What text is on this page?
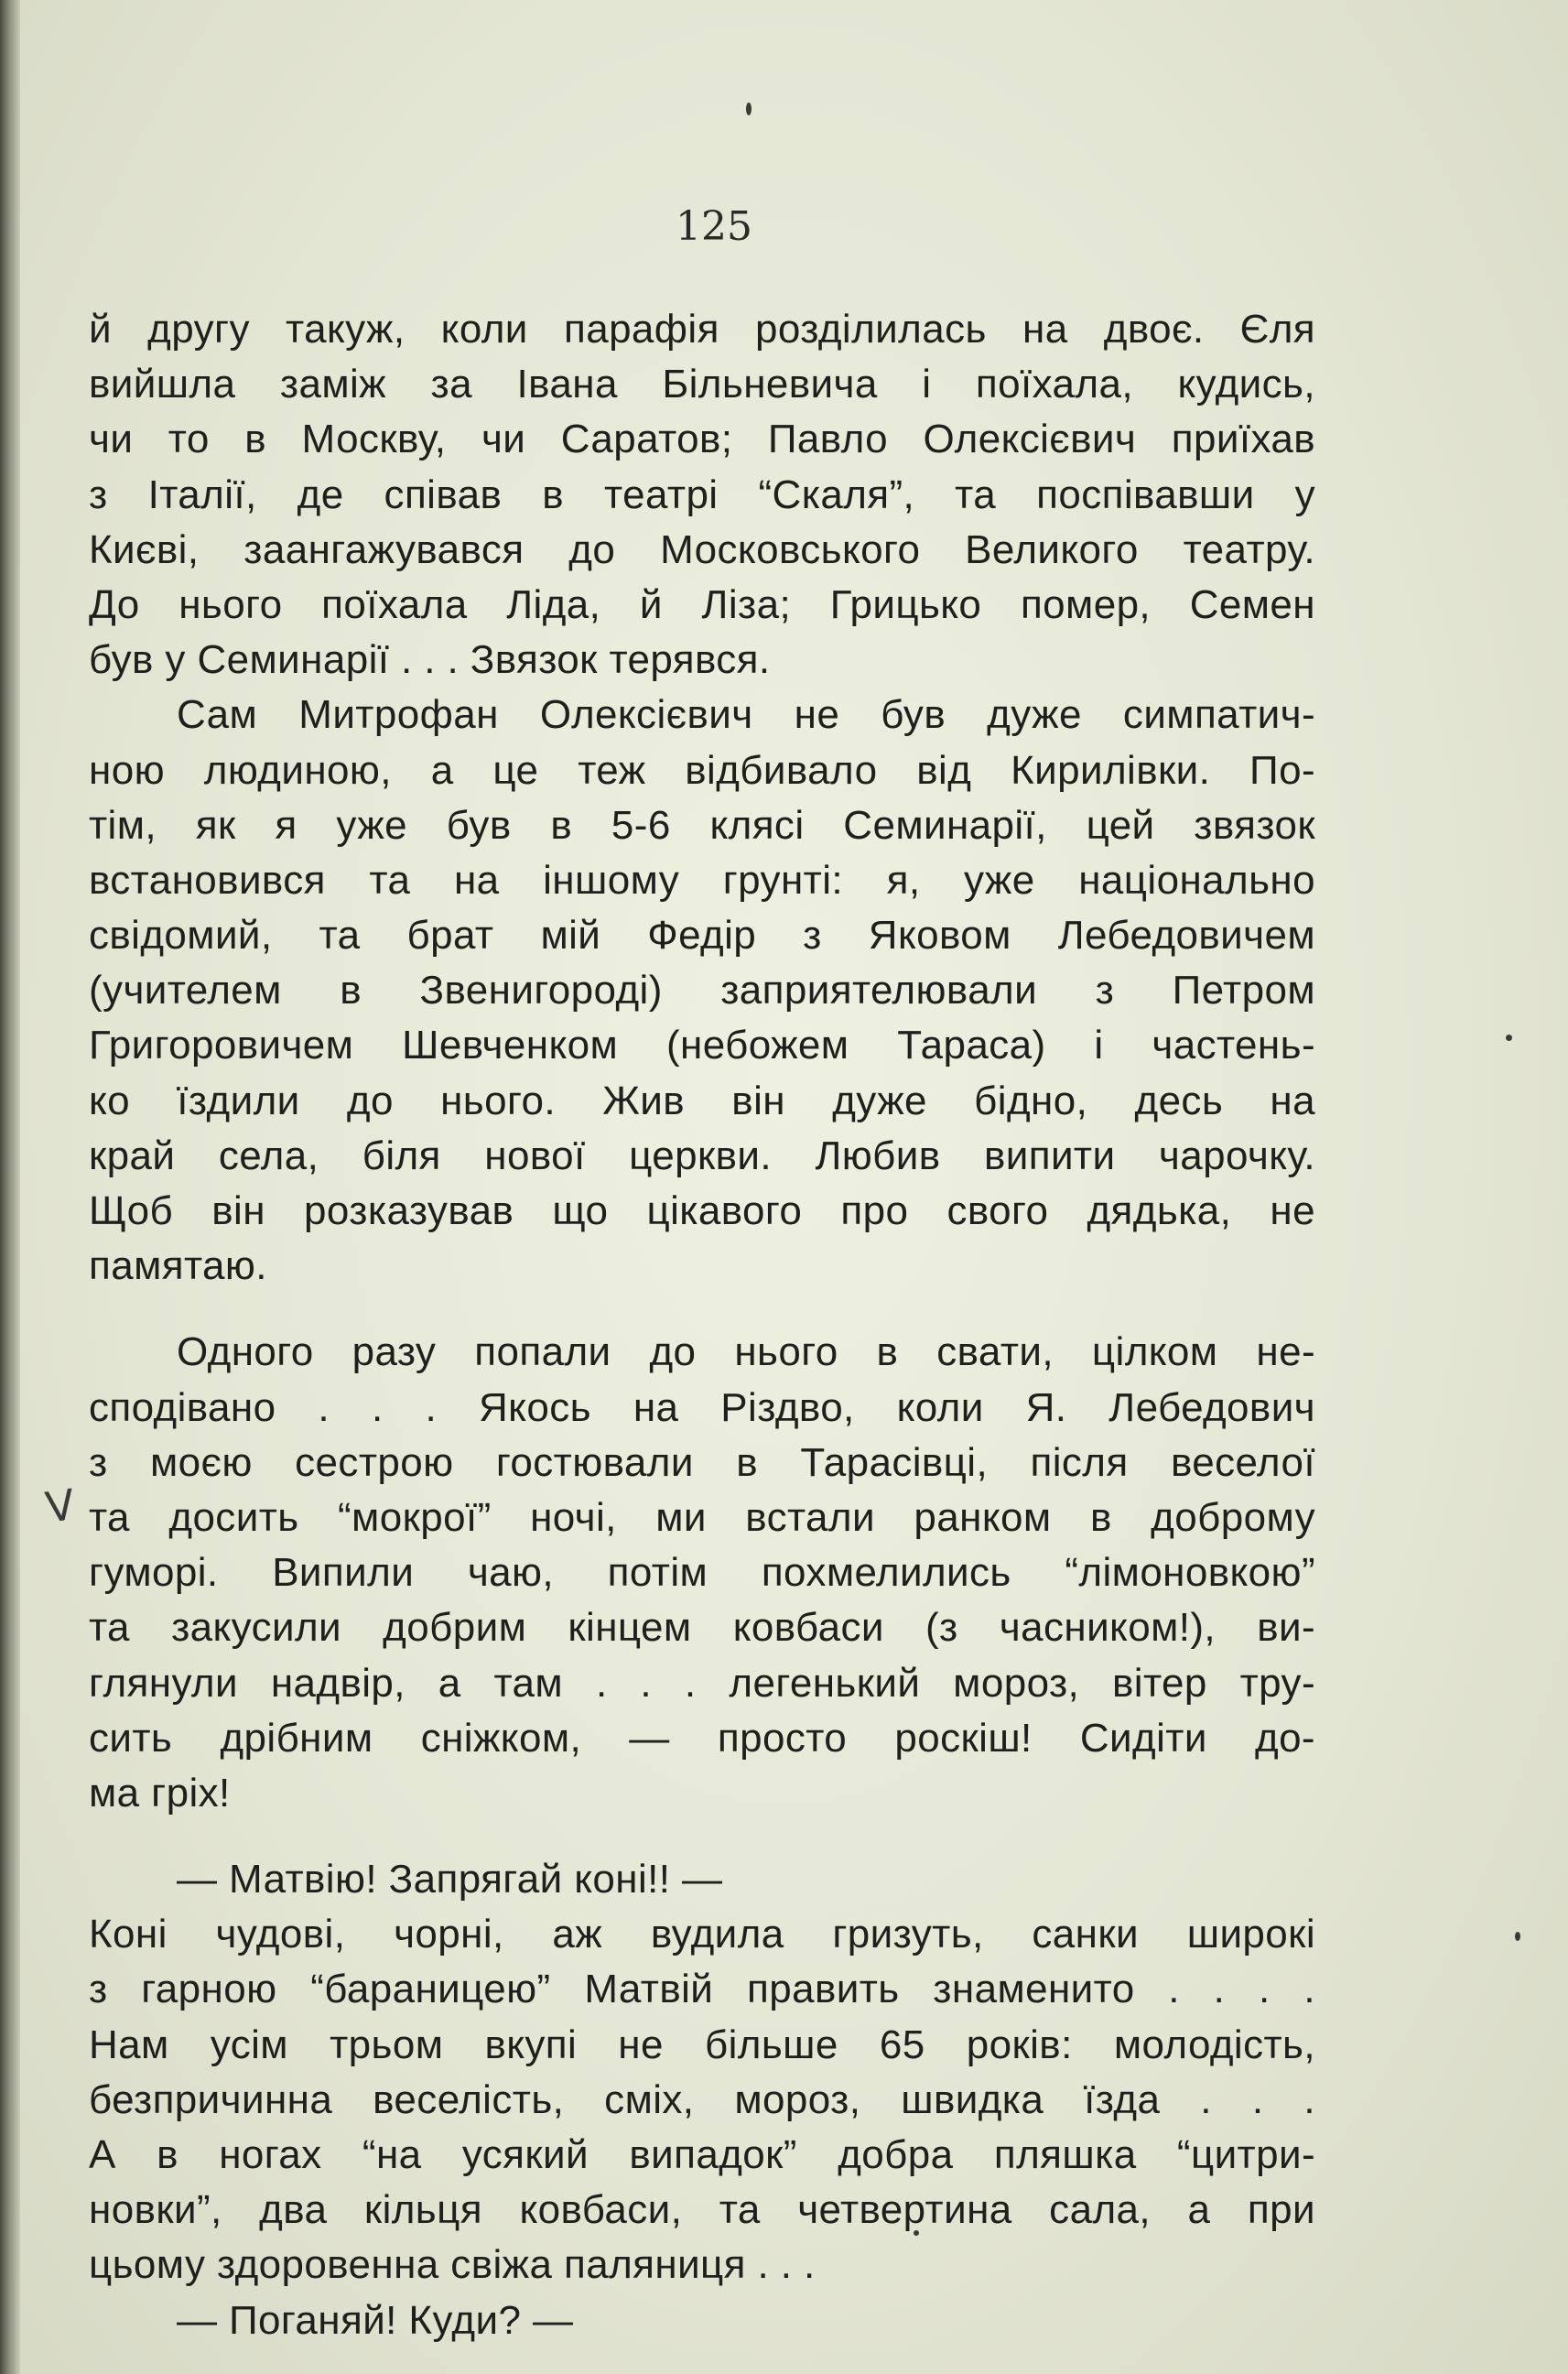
125
V
й другу такуж, коли парафія розділилась на двоє. Єля
вийшла заміж за Івана Більневича і поїхала, кудись,
чи то в Москву, чи Саратов; Павло Олексієвич приїхав
з Італії, де співав в театрі “Скаля”, та поспівавши у
Києві, заангажувався до Московського Великого театру.
До нього поїхала Ліда, й Ліза; Грицько помер, Семен
був у Семинарії . . . Звязок терявся.
Сам Митрофан Олексієвич не був дуже симпатич-
ною людиною, а це теж відбивало від Кирилівки. По-
тім, як я уже був в 5-6 клясі Семинарії, цей звязок
встановився та на іншому грунті: я, уже національно
свідомий, та брат мій Федір з Яковом Лебедовичем
(учителем в Звенигороді) заприятелювали з Петром
Григоровичем Шевченком (небожем Тараса) і частень-
ко їздили до нього. Жив він дуже бідно, десь на
край села, біля нової церкви. Любив випити чарочку.
Щоб він розказував що цікавого про свого дядька, не
памятаю.
Одного разу попали до нього в свати, цілком не-
сподівано . . . Якось на Різдво, коли Я. Лебедович
з моєю сестрою гостювали в Тарасівці, після веселої
та досить “мокрої” ночі, ми встали ранком в доброму
гуморі. Випили чаю, потім похмелились “лімоновкою”
та закусили добрим кінцем ковбаси (з часником!), ви-
глянули надвір, а там . . . легенький мороз, вітер тру-
сить дрібним сніжком, — просто роскіш! Сидіти до-
ма гріх!
— Матвію! Запрягай коні!! —
Коні чудові, чорні, аж вудила гризуть, санки широкі
з гарною “бараницею” Матвій править знаменито . . . .
Нам усім трьом вкупі не більше 65 років: молодість,
безпричинна веселість, сміх, мороз, швидка їзда . . .
А в ногах “на усякий випадок” добра пляшка “цитри-
новки”, два кільця ковбаси, та четвертина сала, а при
цьому здоровенна свіжа паляниця . . .
— Поганяй! Куди? —
